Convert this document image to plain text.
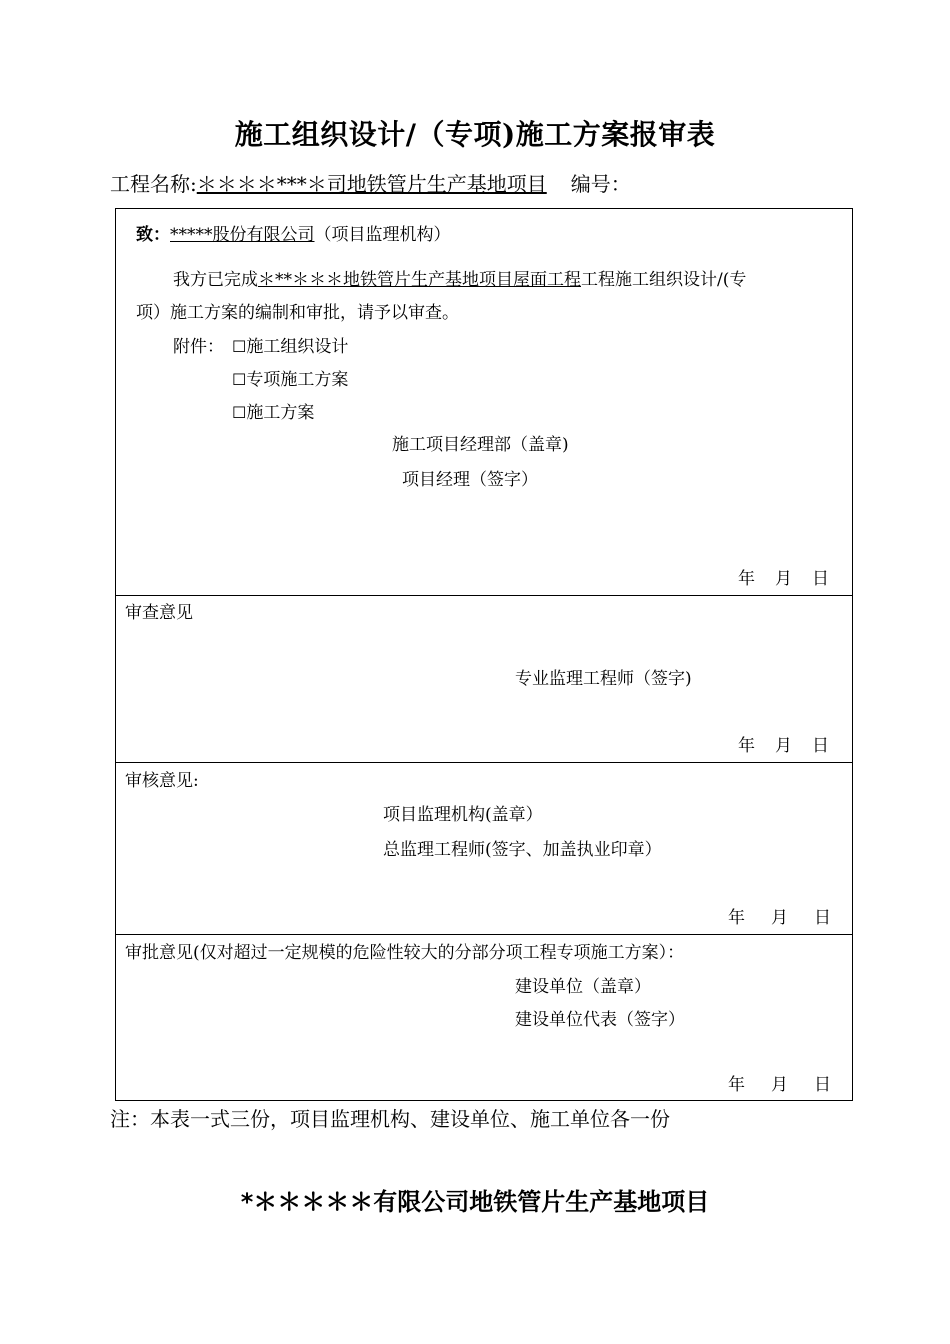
施工组织设计/（专项)施工方案报审表
工程名称:＊＊＊＊***＊司地铁管片生产基地项目 编号：
致：*****股份有限公司（项目监理机构）
我方已完成＊**＊＊＊地铁管片生产基地项目屋面工程工程施工组织设计/(专
项）施工方案的编制和审批，请予以审查。
附件： ☐施工组织设计
☐专项施工方案
☐施工方案
施工项目经理部（盖章)
项目经理（签字）
年 月 日
审查意见
专业监理工程师（签字)
年 月 日
审核意见:
项目监理机构(盖章）
总监理工程师(签字、加盖执业印章）
年 月 日
审批意见(仅对超过一定规模的危险性较大的分部分项工程专项施工方案）：
建设单位（盖章）
建设单位代表（签字）
年 月 日
注：本表一式三份，项目监理机构、建设单位、施工单位各一份
*＊＊＊＊＊有限公司地铁管片生产基地项目
